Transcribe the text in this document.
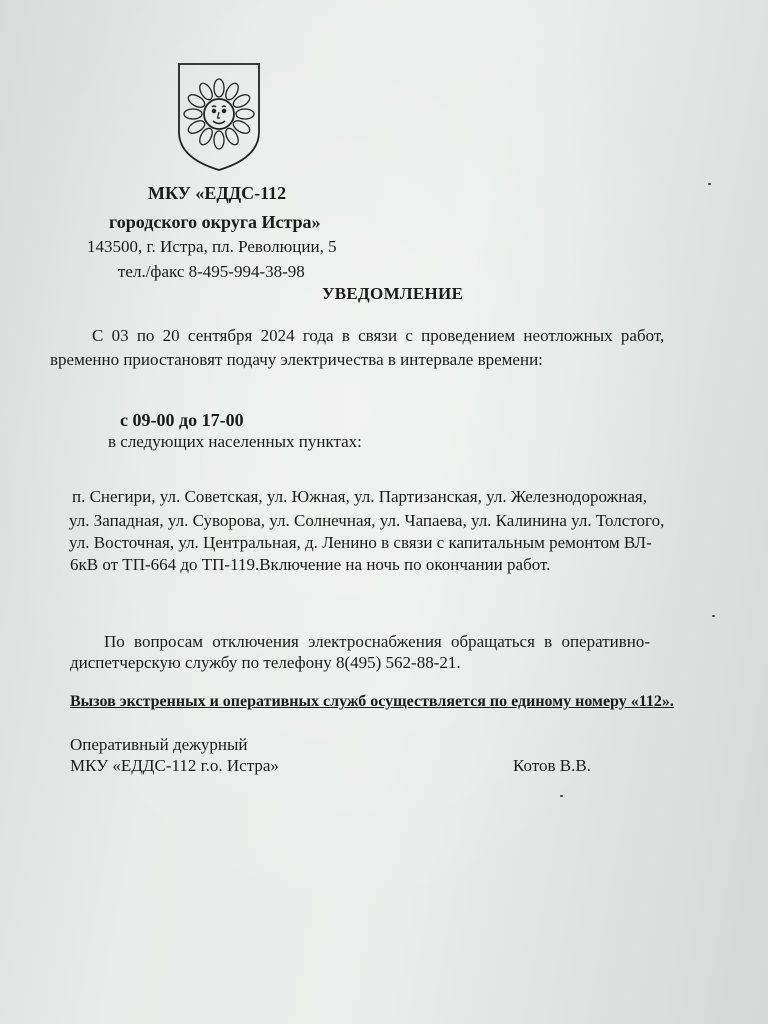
МКУ «ЕДДС-112
городского округа Истра»
143500, г. Истра, пл. Революции, 5
тел./факс 8-495-994-38-98
УВЕДОМЛЕНИЕ
С 03 по 20 сентября 2024 года в связи с проведением неотложных работ,
временно приостановят подачу электричества в интервале времени:
с 09-00 до 17-00
в следующих населенных пунктах:
п. Снегири, ул. Советская, ул. Южная, ул. Партизанская, ул. Железнодорожная,
ул. Западная, ул. Суворова, ул. Солнечная, ул. Чапаева, ул. Калинина ул. Толстого,
ул. Восточная, ул. Центральная, д. Ленино в связи с капитальным ремонтом ВЛ-
6кВ от ТП-664 до ТП-119.Включение на ночь по окончании работ.
По вопросам отключения электроснабжения обращаться в оперативно-
диспетчерскую службу по телефону 8(495) 562-88-21.
Вызов экстренных и оперативных служб осуществляется по единому номеру «112».
Оперативный дежурный
МКУ «ЕДДС-112 г.о. Истра»	Котов В.В.
